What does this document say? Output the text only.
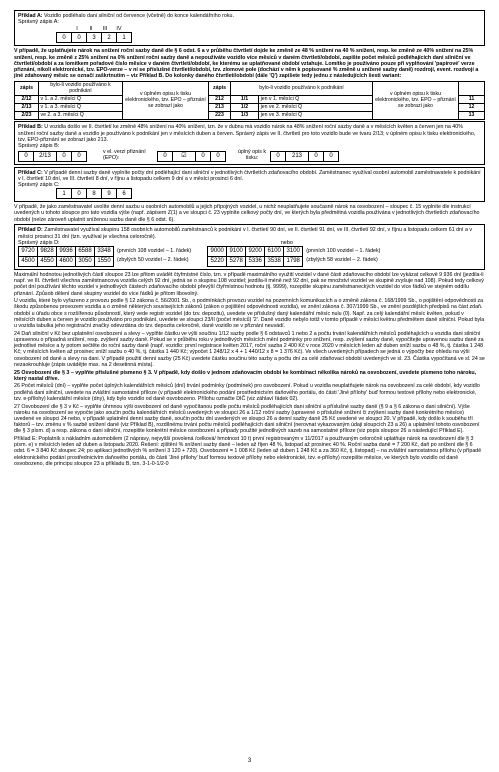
Příklad A: Vozidlo podléhalo dani silniční od července (včetně) do konce kalendářního roku.

Správný zápis A:

I	II	III	IV
0	0	3	2	1

V případě, že uplatňujete nárok na snížení roční sazby daně dle § 6 odst. 6 a v průběhu čtvrtletí dojde ke změně ze 48 % snížení na 40 % snížení, resp. ke změně ze 40% snížení na 25% snížení, resp. ke změně z 25% snížení na 0% snížení roční sazby daně a nepoužíváte vozidlo více měsíců v daném čtvrtletí/období, zapište počet měsíců podléhajících dani silniční ve čtvrtletí/období a za lomítkem pořadové číslo měsíce v daném čtvrtletí/období, ke kterému se uplatňované období vztahuje. Lomítko je používáno pouze při vyplňování 'papírové' verze přiznání, nikoli elektronické, tzv. EPO-verze – v ní se příslušné čtvrtletí/období, tzv. zlomové pole (dochází v něm k popisované % změně u snížené sazby daně) rozdrojí, event. rozdvojí a jiné zdahovaný měsíc se označí zaškrtnutím – viz Příklad B. Do kolonky daného čtvrtletí/období (dále 'Q') zapíšete tedy jednu z následujících šesti variant:

zápis	bylo-li vozidlo používáno k podnikání	v úplném opisu k tisku elektronického, tzv. EPO – přiznání se zobrazí jako	zápis	bylo-li vozidlo používáno k podnikání		v úplném opisu k tisku elektronického, tzv. EPO – přiznání se zobrazí jako	
2/12	v 1. a 2. měsíci Q		212	1/1	jen v 1. měsíci Q		11
2/13	v 1. a 3. měsíci Q		213	1/2	jen ve 2. měsíci Q		12
2/23	ve 2. a 3. měsíci Q		223	1/3	jen ve 3. měsíci Q		13

Příklad B: U vozidla došlo ve II. čtvrtletí ke změně 48% snížení na 40% snížení, tzn. že v dubnu má vozidlo nárok na 48% snížení roční sazby daně a v měsících květen a červen jen na 40% snížení roční sazby daně a vozidlo je používáno k podnikání jen v měsících duben a červen. Správný zápis ve II. čtvrtletí pro toto vozidlo bude ve tvaru 2/13; v úplném opisu k tisku elektronického, tzv. EPO-přiznání se zobrazí jako 213.

Správný zápis B:

0	2/13	0	0
v el. verzi přiznání (EPO):	0	☑	0	0
úplný opis k tisku:	0	213	0	0

Příklad C: V případě denní sazby daně vyplníte počty dní podléhající dani silniční v jednotlivých čtvrtletích zdaňovacího období. Zaměstnanec využíval osobní automobil zaměstnavatele k podnikání v I. čtvrtletí 10 dní, ve III. čtvrtletí 8 dní, v říjnu a listopadu celkem 9 dní a v měsíci prosinci 6 dní.

Správný zápis C:

1	0	8	9	6

V případě, že jako zaměstnavatel uvolíte denní sazbu u osobních automobilů a jejich přípojných vozidel, u nichž neuplatňujete současně nárok na osvobození – sloupec č. 15 vyplníte dle instrukcí uvedených u tohoto sloupce pro tato vozidla výše (např. zápisem Z(1) a ve sloupci č. 23 vyplníte celkový počty dní, ve kterých byla předmětná vozidla používána v jednotlivých čtvrtletích zdaňovacího období (nelze zároveň uplatnit sníženou sazbu daně dle § 6 odst. 6).

Příklad D: Zaměstnavatel využíval skupinu 158 osobních automobilů zaměstnanců k podnikání v I. čtvrtletí 90 dní, ve II. čtvrtletí 91 dní, ve III. čtvrtletí 92 dní, v říjnu a listopadu celkem 61 dní a v měsíci prosinci 31 dní (tzn. využíval je všechna celoročně).

Správný zápis D:	nebo
9720	9828	9936	6588	3348
4500	4550	4600	3050	1550

(prvních 108 vozidel – 1. řádek)

(zbylých 50 vozidel – 2. řádek)

9000	9100	9200	6100	3100
5220	5278	5336	3538	1798

(prvních 100 vozidel – 1. řádek)

(zbylých 58 vozidel – 2. řádek)

Maximální hodnotou jednotlivých částí sloupce 23 lze přitom uvádět čtyřmístné číslo, tzn. v případě maximálního využití vozidel v dané části zdaňovacího období lze vykázat celkově 9 936 dní (jezdila-li např. ve III. čtvrtletí všechna zaměstnancova vozidla celých 92 dní, jedná se o skupinu 108 vozidel; jezdila-li méně než 92 dní, pak se množství vozidel ve skupině zvyšuje nad 108). Pokud tedy celkový počet dní používání těchto vozidel v jednotlivých částech zdaňovacího období převýší čtyřmístnou hodnotu (tj. 9999), rozepište skupinu zaměstnaneckých vozidel do více řádků ve stejném oddílu přiznání. Způsob dělení dané skupiny vozidel do více řádků je přitom libovolný.

U vozidla, které bylo vyřazeno z provozu podle § 12 zákona č. 56/2001 Sb., o podmínkách provozu vozidel na pozemních komunikacích a o změně zákona č. 168/1999 Sb., o pojištění odpovědnosti za škodu způsobenou provozem vozidla a o změně některých souvisejících zákonů (zákon o pojištění odpovědnosti vozidla), ve znění zákona č. 307/1999 Sb., ve znění pozdějších předpisů na část zdaň. období u úřadu obce s rozšířenou působností, který vede registr vozidel (do tzv. depozitu), uvedete ve příslušný daný kalendářní měsíc nulu (0). Např. za celý kalendářní měsíc květen, pokud v měsících duben a červen je vozidlo používáno pro podnikání, uvedete ve sloupci 23/II (počet měsíců) '2'. Daně vozidlo nebylo totiž v tomto případě v měsíci květnu předmětem daně silniční. Pokud byla u vozidla tabulka jeho registrační značky odevzdána do tzv. depozita celoročně, daně vozidlo se v přiznání neuvádí.

24 Daň silniční v Kč bez uplatnění osvobození a slevy – vyplňte částku ve výši součinu 1/12 sazby podle § 6 odstavců 1 nebo 2 a počtu trvání kalendářních měsíců podléhajících u vozidla dani silniční upravenou o případná snížení, resp. zvýšení sazby daně. Pokud se v průběhu roku v jednotlivých měsících mění podmínky pro snížení, resp. zvýšení sazby daně, vypočítejte upravenou sazbu daně za jednotlivé měsíce a ty potom sečtěte do roční sazby daně (např. vozidlo: první registrace květen 2017, roční sazba 2 400 Kč v roce 2020 v měsících leden až duben sníží sazbu o 48 %, tj. částka 1 248 Kč; v měsících květen až prosinec sníží sazbu o 40 %, tj. částka 1 440 Kč; výpočet 1 248/12 x 4 + 1 440/12 x 8 = 1 376 Kč). Ve všech uvedených případech se jedná o výpočty bez ohledu na výši osvobození od daně a slevy na dani. V případě použití denní sazby (25 Kč) uvedete částku součinu této sazby a počtu dní za celé zdaňovací období uvedených ve sl. 23. Částka vypočítaná ve sl. 24 se nezaokrouhluje (zápis uvádějte max. na 2 desetinná místa).

25 Osvobození dle § 3 – vyplňte příslušné písmeno § 3. V případě, kdy došlo v jednom zdaňovacím období ke kombinaci několika nároků na osvobození, uvedete písmeno toho nároku, který nastal dříve.

26 Počet měsíců (dní) – vyplňte počet úplných kalendářních měsíců (dní) trvání podmínky (podmínek) pro osvobození. Pokud u vozidla neuplatňujete nárok na osvobození za celé období, kdy vozidlo podléhá dani silniční, uvedete na zvláštní samostatné příloze (v případě elektronického podání prostřednictvím daňového portálu, do části 'Jiné přílohy' buď formou textové přílohy nebo elektronické, tzv. e-přílohy) kalendářní měsíce (dny), kdy bylo vozidlo od daně osvobozeno. Přílohu označte DIČ (viz záhlaví řádek 02).

27 Osvobození dle § 3 v Kč – vyplňte úhrnnou výši osvobození od daně vypočítanou podle počtu měsíců podléhajících dani silniční a příslušné sazby daně (§ 9 a § 6 zákona o dani silniční). Výše nároku na osvobození se vypočte jako součin počtu kalendářních měsíců uvedených ve sloupci 26 a 1/12 roční sazby (upravené o příslušné snížení či zvýšení sazby daně konkrétního měsíce) uvedené ve sloupci 24 nebo, v případě uplatnění denní sazby daně, součin počtu dní uvedených ve sloupci 26 a denní sazby daně 25 Kč uvedené ve sloupci 20. V případě, kdy došlo k souběhu tří faktorů – tzv. změnu v % sazbě snížení daně (viz Příklad B), rozdílnému trvání počtu měsíců podléhajících dani silniční (nerovnat vykazovaným údaji sloupcích 23 a 26) a uplatnění tohoto osvobození dle § 3 písm. d) a resp. zákona o dani silniční, rozepište konkrétní měsíce osvobození a případy použité jednotlivých sazeb na samostatné příloze (viz popis sloupce 26 a následující Příklad E).

Příklad E: Poplatník s nákladním automobilem (2 nápravy, nejvyšší povolená /celková/ hmotnost 10 t) první registrovaným v 11/2017 a používaným celoročně uplatňuje nárok na osvobození dle § 3 písm. e) v měsících leden až duben a listopadu 2020. Řešení: zjištění % snížení sazby daně – leden až říjen 48 %, listopad až prosinec 40 %. Roční sazba daně = 7 200 Kč, daň po snížení dle § 6 odst. 6 = 3 840 Kč sloupec 24; po aplikaci jednotlivých % snížení 3 120 + 720). Osvobození = 1 008 Kč (leden až duben 1 248 Kč a za 360 Kč, tj. listopad) – na zvláštní samostatnou přílohu (v případě elektronického podání prostřednictvím daňového portálu, do části 'Jiné přílohy' buď formou textové přílohy nebo elektronické, tzv. e-přílohy) rozepište měsíce, ve kterých bylo vozidlo od daně osvobozeno, dle principu sloupce 23 a příkladu B, tzn. 3-1-0-1/2-0

3
